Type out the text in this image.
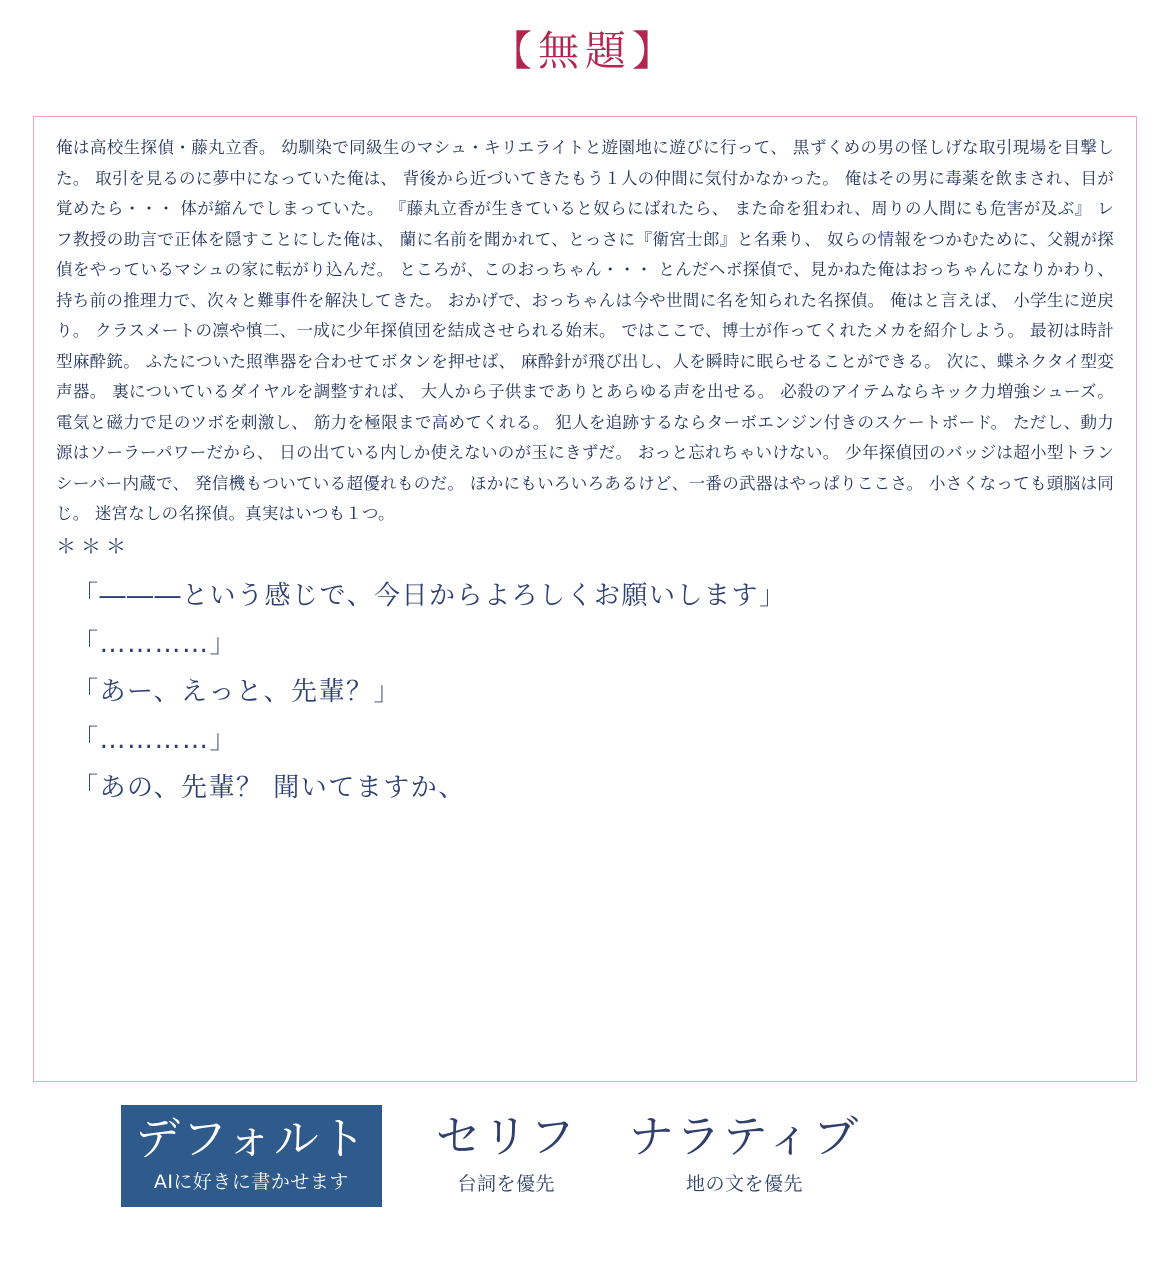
【無題】
俺は高校生探偵・藤丸立香。 幼馴染で同級生のマシュ・キリエライトと遊園地に遊びに行って、 黒ずくめの男の怪しげな取引現場を目撃した。 取引を見るのに夢中になっていた俺は、 背後から近づいてきたもう１人の仲間に気付かなかった。 俺はその男に毒薬を飲まされ、目が覚めたら・・・ 体が縮んでしまっていた。 『藤丸立香が生きていると奴らにばれたら、 また命を狙われ、周りの人間にも危害が及ぶ』 レフ教授の助言で正体を隠すことにした俺は、 蘭に名前を聞かれて、とっさに『衛宮士郎』と名乗り、 奴らの情報をつかむために、父親が探偵をやっているマシュの家に転がり込んだ。 ところが、このおっちゃん・・・ とんだヘボ探偵で、見かねた俺はおっちゃんになりかわり、 持ち前の推理力で、次々と難事件を解決してきた。 おかげで、おっちゃんは今や世間に名を知られた名探偵。 俺はと言えば、 小学生に逆戻り。 クラスメートの凛や慎二、一成に少年探偵団を結成させられる始末。 ではここで、博士が作ってくれたメカを紹介しよう。 最初は時計型麻酔銃。 ふたについた照準器を合わせてボタンを押せば、 麻酔針が飛び出し、人を瞬時に眠らせることができる。 次に、蝶ネクタイ型変声器。 裏についているダイヤルを調整すれば、 大人から子供までありとあらゆる声を出せる。 必殺のアイテムならキック力増強シューズ。 電気と磁力で足のツボを刺激し、 筋力を極限まで高めてくれる。 犯人を追跡するならターボエンジン付きのスケートボード。 ただし、動力源はソーラーパワーだから、 日の出ている内しか使えないのが玉にきずだ。 おっと忘れちゃいけない。 少年探偵団のバッジは超小型トランシーバー内蔵で、 発信機もついている超優れものだ。 ほかにもいろいろあるけど、一番の武器はやっぱりここさ。 小さくなっても頭脳は同じ。 迷宮なしの名探偵。真実はいつも１つ。
＊＊＊
「―――という感じで、今日からよろしくお願いします」
「…………」
「あー、えっと、先輩？」
「…………」
「あの、先輩？ 聞いてますか、
デフォルト
AIに好きに書かせます
セリフ
台詞を優先
ナラティブ
地の文を優先
